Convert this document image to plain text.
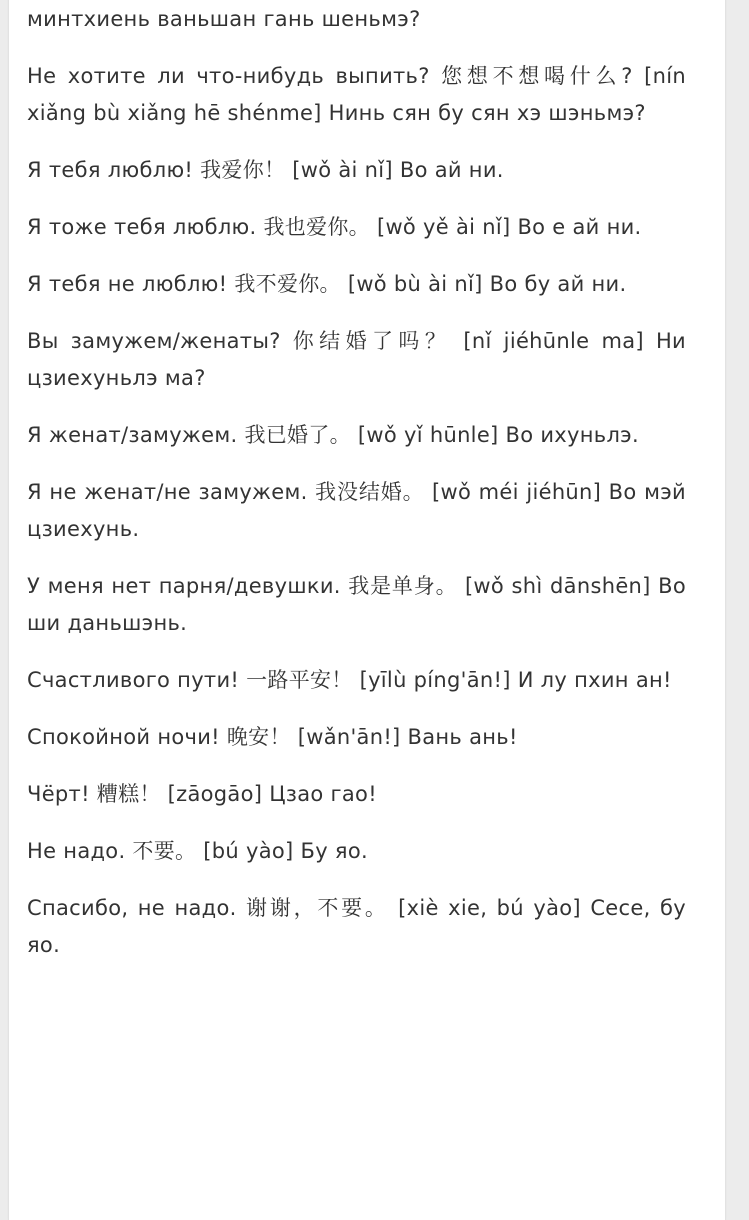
минтхиень ваньшан гань шеньмэ?

Не хотите ли что-нибудь выпить? 您想不想喝什么? [nín xiǎng bù xiǎng hē shénme] Нинь сян бу сян хэ шэньмэ?

Я тебя люблю! 我爱你！ [wǒ ài nǐ] Во ай ни.

Я тоже тебя люблю. 我也爱你。 [wǒ yě ài nǐ] Во е ай ни.

Я тебя не люблю! 我不爱你。 [wǒ bù ài nǐ] Во бу ай ни.

Вы замужем/женаты? 你结婚了吗？ [nǐ jiéhūnle ma] Ни цзиехуньлэ ма?

Я женат/замужем. 我已婚了。 [wǒ yǐ hūnle] Во ихуньлэ.

Я не женат/не замужем. 我没结婚。 [wǒ méi jiéhūn] Во мэй цзиехунь.

У меня нет парня/девушки. 我是单身。 [wǒ shì dānshēn] Во ши даньшэнь.

Счастливого пути! 一路平安！ [yīlù píng'ān!] И лу пхин ан!

Спокойной ночи! 晚安！ [wǎn'ān!] Вань ань!

Чёрт! 糟糕！ [zāogāo] Цзао гао!

Не надо. 不要。 [bú yào] Бу яо.

Спасибо, не надо. 谢谢，不要。 [xiè xie, bú yào] Сесе, бу яо.
